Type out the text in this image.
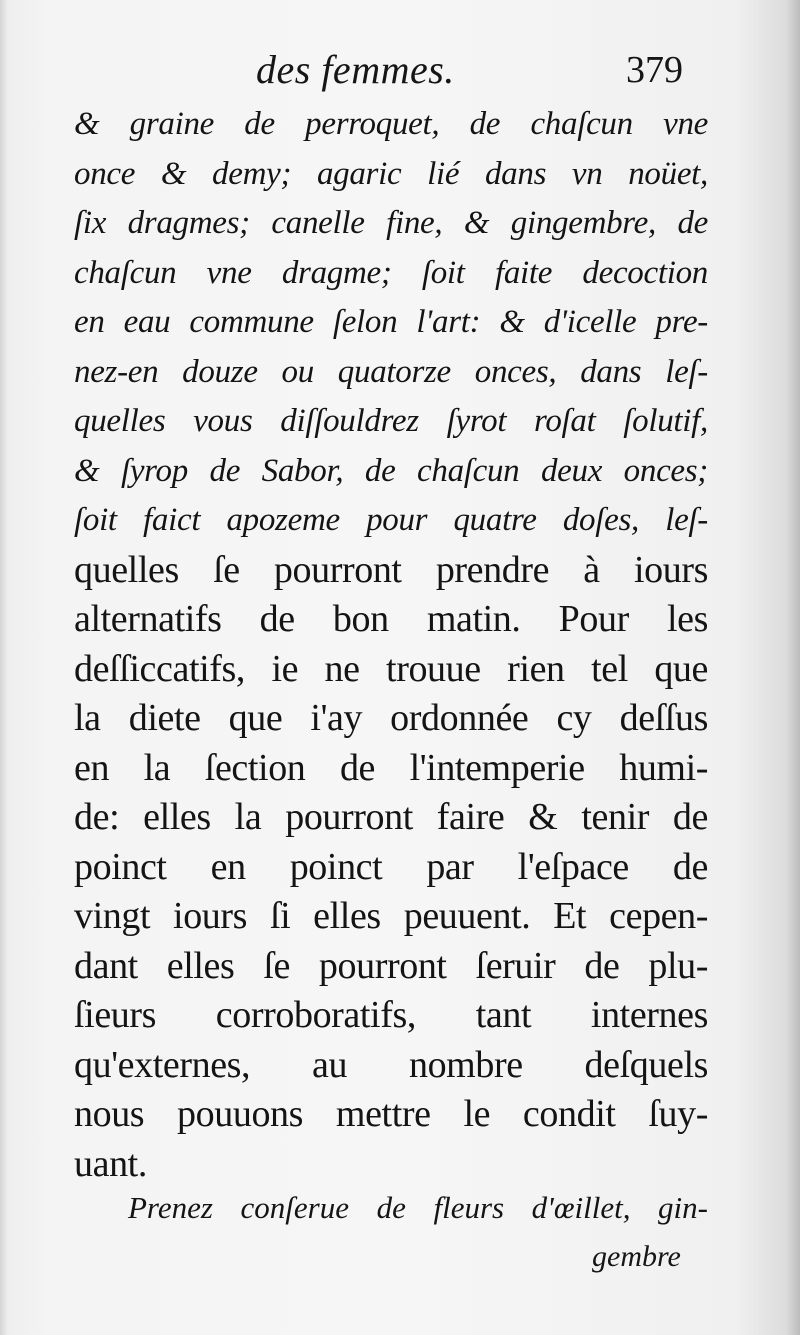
des femmes.	379
& graine de perroquet, de chaſcun vne
once & demy; agaric lié dans vn noüet,
ſix dragmes; canelle fine, & gingembre, de
chaſcun vne dragme; ſoit faite decoction
en eau commune ſelon l'art: & d'icelle pre-
nez-en douze ou quatorze onces, dans leſ-
quelles vous diſſouldrez ſyrot roſat ſolutif,
& ſyrop de Sabor, de chaſcun deux onces;
ſoit faict apozeme pour quatre doſes, leſ-
quelles ſe pourront prendre à iours
alternatifs de bon matin. Pour les
deſſiccatifs, ie ne trouue rien tel que
la diete que i'ay ordonnée cy deſſus
en la ſection de l'intemperie humi-
de: elles la pourront faire & tenir de
poinct en poinct par l'eſpace de
vingt iours ſi elles peuuent. Et cepen-
dant elles ſe pourront ſeruir de plu-
ſieurs corroboratifs, tant internes
qu'externes, au nombre deſquels
nous pouuons mettre le condit ſuy-
uant.
Prenez conſerue de fleurs d'œillet, gin-
gembre
